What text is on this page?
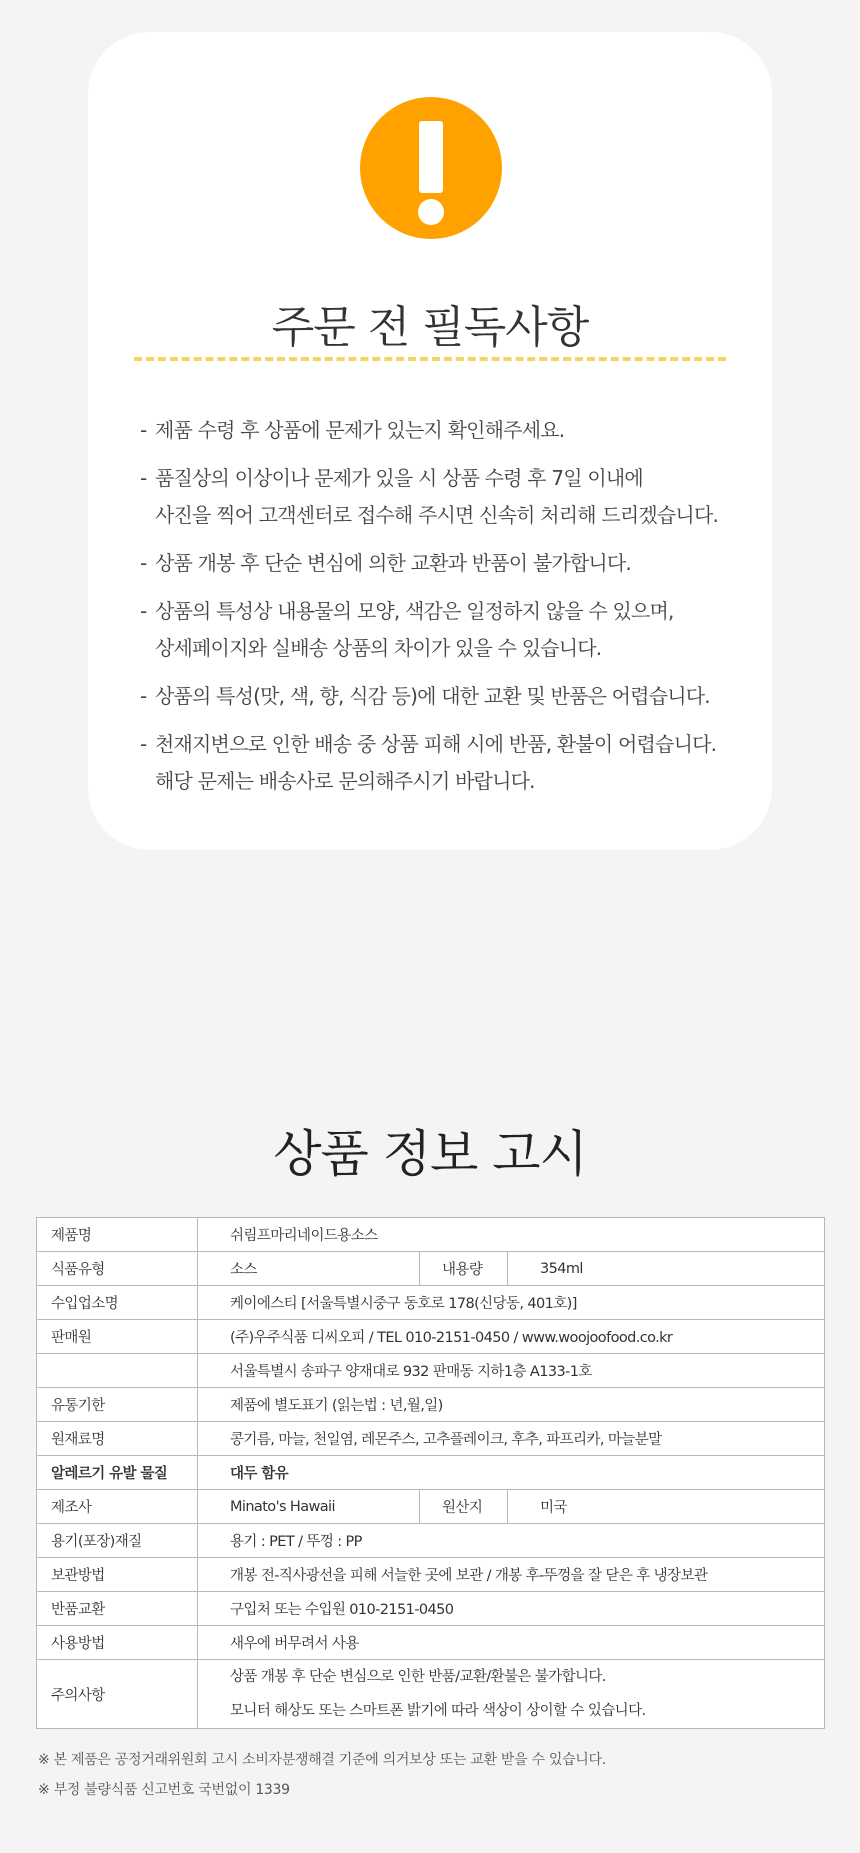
주문 전 필독사항
- 제품 수령 후 상품에 문제가 있는지 확인해주세요.
- 품질상의 이상이나 문제가 있을 시 상품 수령 후 7일 이내에
사진을 찍어 고객센터로 접수해 주시면 신속히 처리해 드리겠습니다.
- 상품 개봉 후 단순 변심에 의한 교환과 반품이 불가합니다.
- 상품의 특성상 내용물의 모양, 색감은 일정하지 않을 수 있으며,
상세페이지와 실배송 상품의 차이가 있을 수 있습니다.
- 상품의 특성(맛, 색, 향, 식감 등)에 대한 교환 및 반품은 어렵습니다.
- 천재지변으로 인한 배송 중 상품 피해 시에 반품, 환불이 어렵습니다.
해당 문제는 배송사로 문의해주시기 바랍니다.
상품 정보 고시
제품명	쉬림프마리네이드용소스		
식품유형	소스	내용량	354ml
수입업소명	케이에스티 [서울특별시중구 동호로 178(신당동, 401호)]		
판매원	(주)우주식품 디씨오피 / TEL 010-2151-0450 / www.woojoofood.co.kr		
	서울특별시 송파구 양재대로 932 판매동 지하1층 A133-1호		
유통기한	제품에 별도표기 (읽는법 : 년,월,일)		
원재료명	콩기름, 마늘, 천일염, 레몬주스, 고추플레이크, 후추, 파프리카, 마늘분말		
알레르기 유발 물질	대두 함유		
제조사	Minato's Hawaii	원산지	미국
용기(포장)재질	용기 : PET / 뚜껑 : PP		
보관방법	개봉 전-직사광선을 피해 서늘한 곳에 보관 / 개봉 후-뚜껑을 잘 닫은 후 냉장보관		
반품교환	구입처 또는 수입원 010-2151-0450		
사용방법	새우에 버무려서 사용		
주의사항	상품 개봉 후 단순 변심으로 인한 반품/교환/환불은 불가합니다.
모니터 해상도 또는 스마트폰 밝기에 따라 색상이 상이할 수 있습니다.		
※ 본 제품은 공정거래위원회 고시 소비자분쟁해결 기준에 의거보상 또는 교환 받을 수 있습니다.
※ 부정 불량식품 신고번호 국번없이 1339
